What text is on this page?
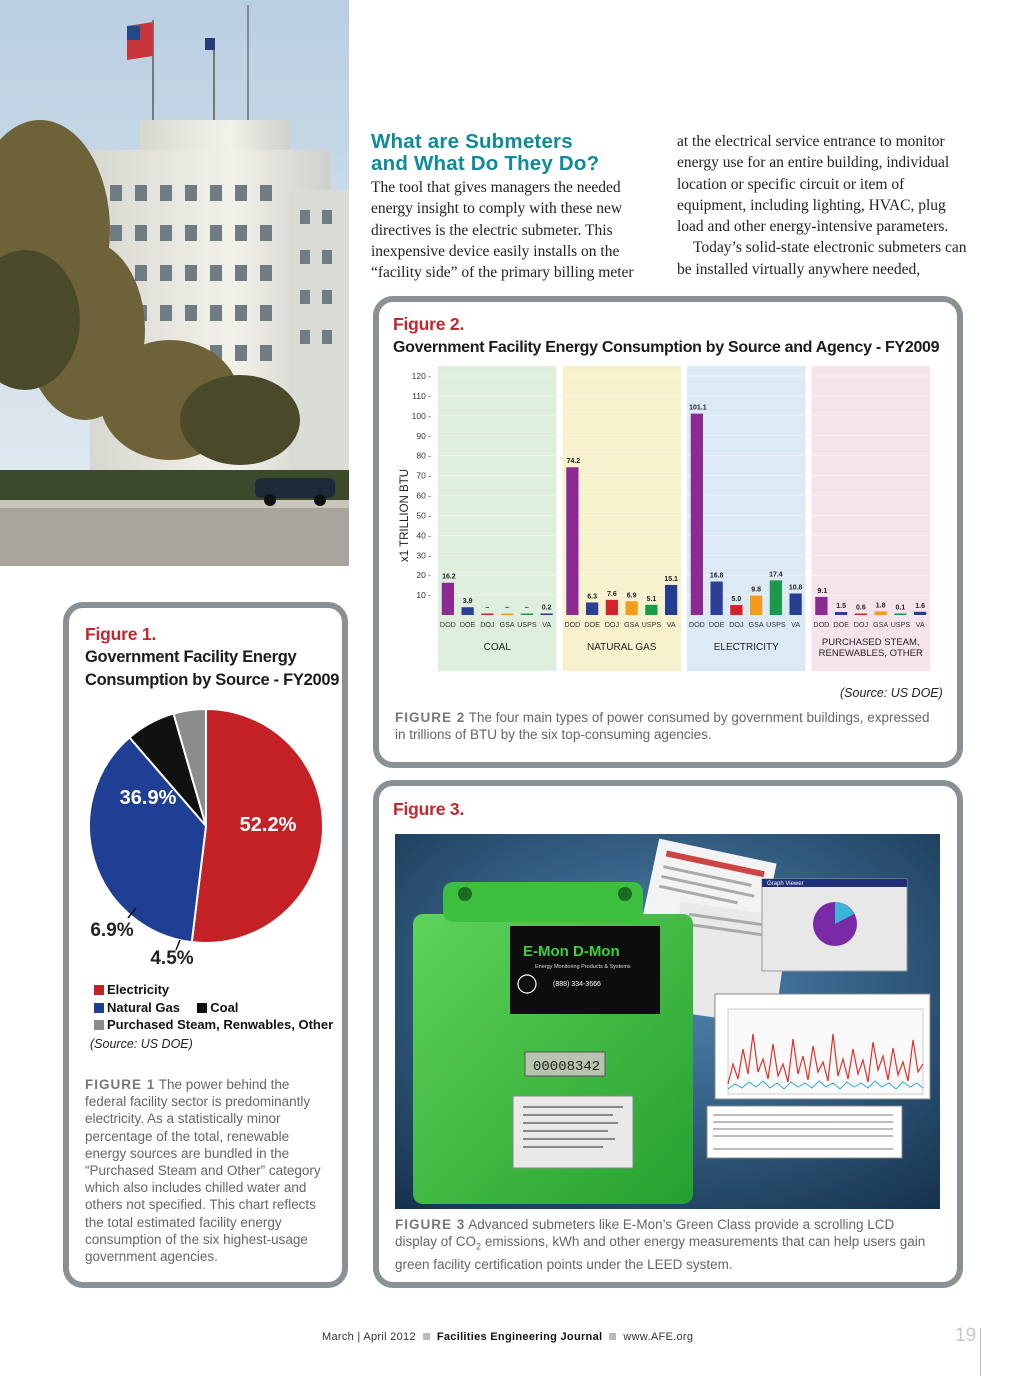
What are Submeters
and What Do They Do?

The tool that gives managers the needed energy insight to comply with these new directives is the electric submeter. This inexpensive device easily installs on the “facility side” of the primary billing meter

at the electrical service entrance to monitor energy use for an entire building, individual location or specific circuit or item of equipment, including lighting, HVAC, plug load and other energy-intensive parameters.

Today’s solid-state electronic submeters can be installed virtually anywhere needed,

Figure 2.
Government Facility Energy Consumption by Source and Agency - FY2009
x1 TRILLION BTU
10 -
20 -
30 -
40 -
50 -
60 -
70 -
80 -
90 -
100 -
110 -
120 -
16.2
DOD
3.9
DOE
–
DOJ
–
GSA
–
USPS
0.2
VA
COAL
74.2
DOD
6.3
DOE
7.6
DOJ
6.9
GSA
5.1
USPS
15.1
VA
NATURAL GAS
101.1
DOD
16.8
DOE
5.0
DOJ
9.8
GSA
17.4
USPS
10.8
VA
ELECTRICITY
9.1
DOD
1.5
DOE
0.6
DOJ
1.8
GSA
0.1
USPS
1.6
VA
PURCHASED STEAM,
RENEWABLES, OTHER
(Source: US DOE)
FIGURE 2 The four main types of power consumed by government buildings, expressed in trillions of BTU by the six top-consuming agencies.
Figure 1.
Government Facility Energy
Consumption by Source - FY2009
52.2%
36.9%
6.9%
4.5%
Electricity
Natural Gas Coal
Purchased Steam, Renwables, Other
(Source: US DOE)
FIGURE 1 The power behind the federal facility sector is predominantly electricity. As a statistically minor percentage of the total, renewable energy sources are bundled in the “Purchased Steam and Other” category which also includes chilled water and others not specified. This chart reflects the total estimated facility energy consumption of the six highest-usage government agencies.
Figure 3.
Graph Viewer
E-Mon D-Mon
Energy Monitoring Products & Systems
(888) 334-3666
00008342
FIGURE 3 Advanced submeters like E-Mon’s Green Class provide a scrolling LCD display of $CO_2$ emissions, kWh and other energy measurements that can help users gain green facility certification points under the LEED system.
March | April 2012 Facilities Engineering Journal www.AFE.org	19
